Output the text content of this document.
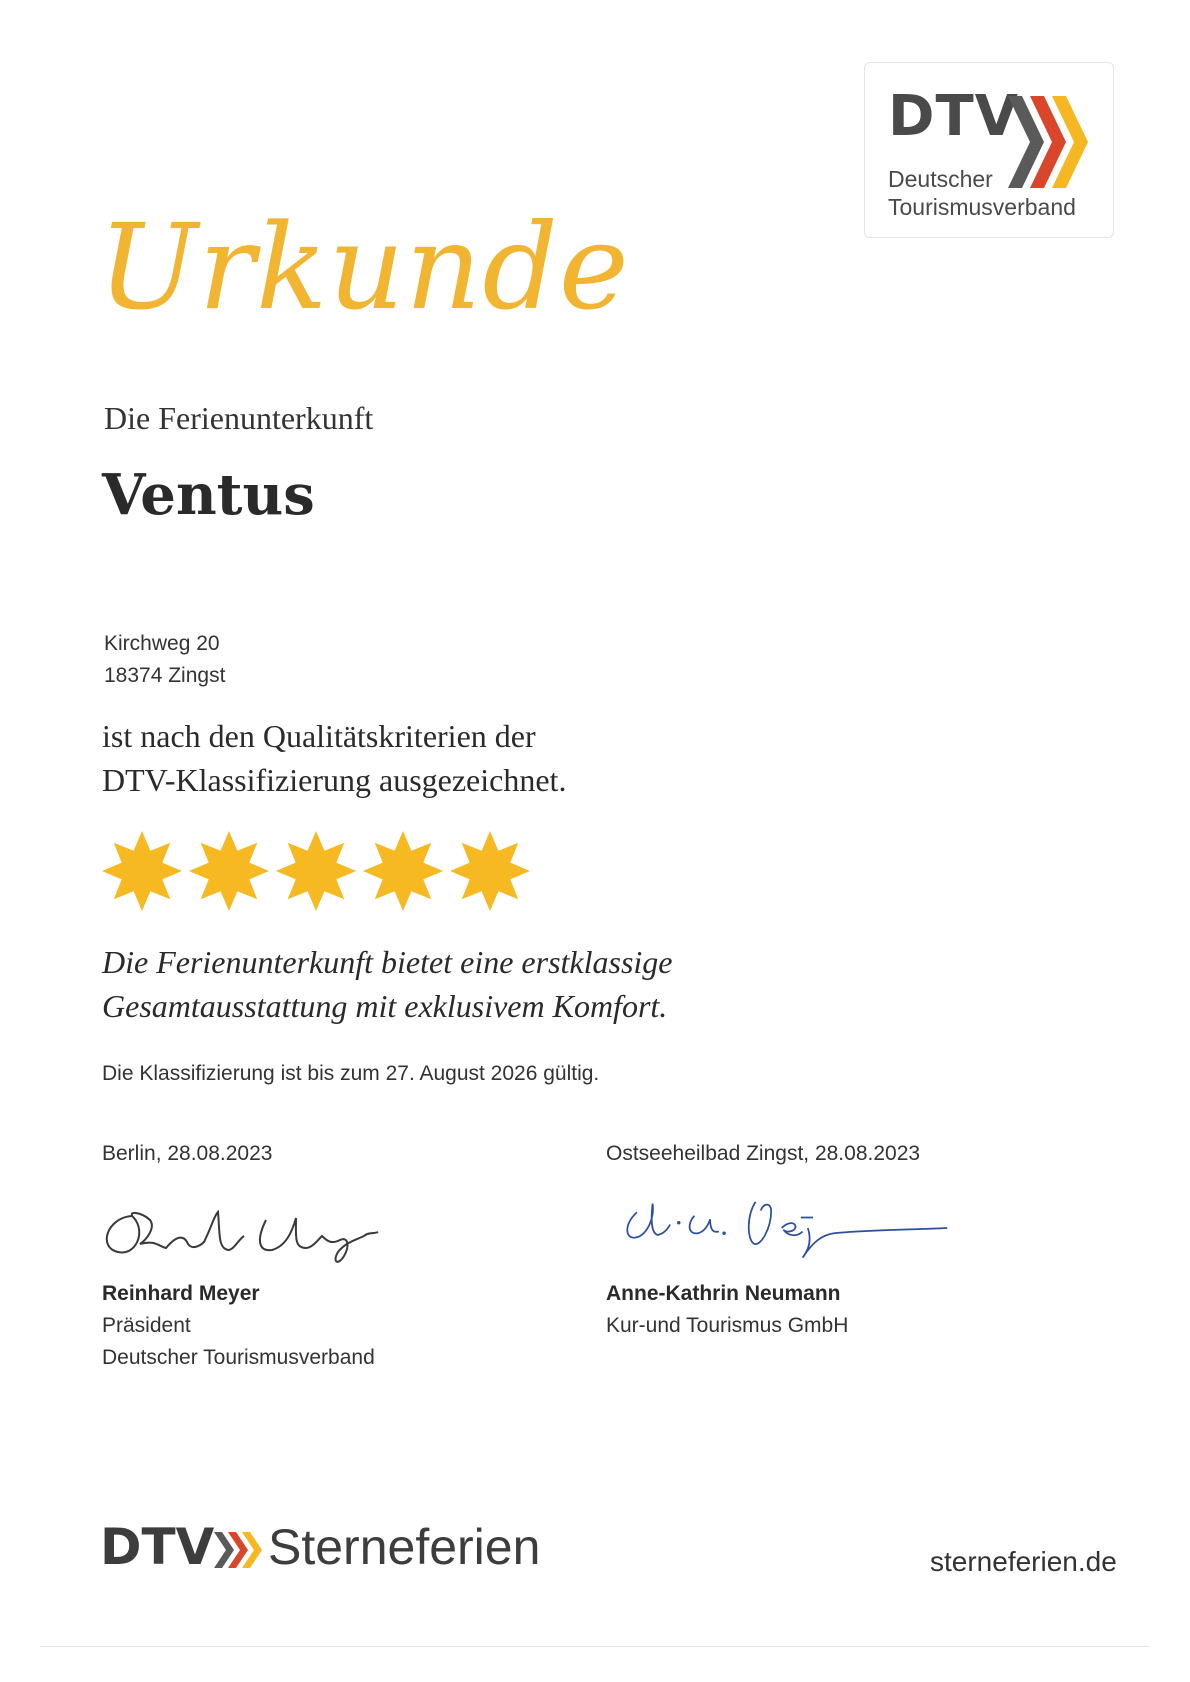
DTV
Deutscher
Tourismusverband
Urkunde
Die Ferienunterkunft
Ventus
Kirchweg 20
18374 Zingst
ist nach den Qualitätskriterien der
DTV-Klassifizierung ausgezeichnet.
Die Ferienunterkunft bietet eine erstklassige
Gesamtausstattung mit exklusivem Komfort.
Die Klassifizierung ist bis zum 27. August 2026 gültig.
Berlin, 28.08.2023
Reinhard Meyer
Präsident
Deutscher Tourismusverband
Ostseeheilbad Zingst, 28.08.2023
Anne-Kathrin Neumann
Kur-und Tourismus GmbH
DTV Sterneferien	sterneferien.de
